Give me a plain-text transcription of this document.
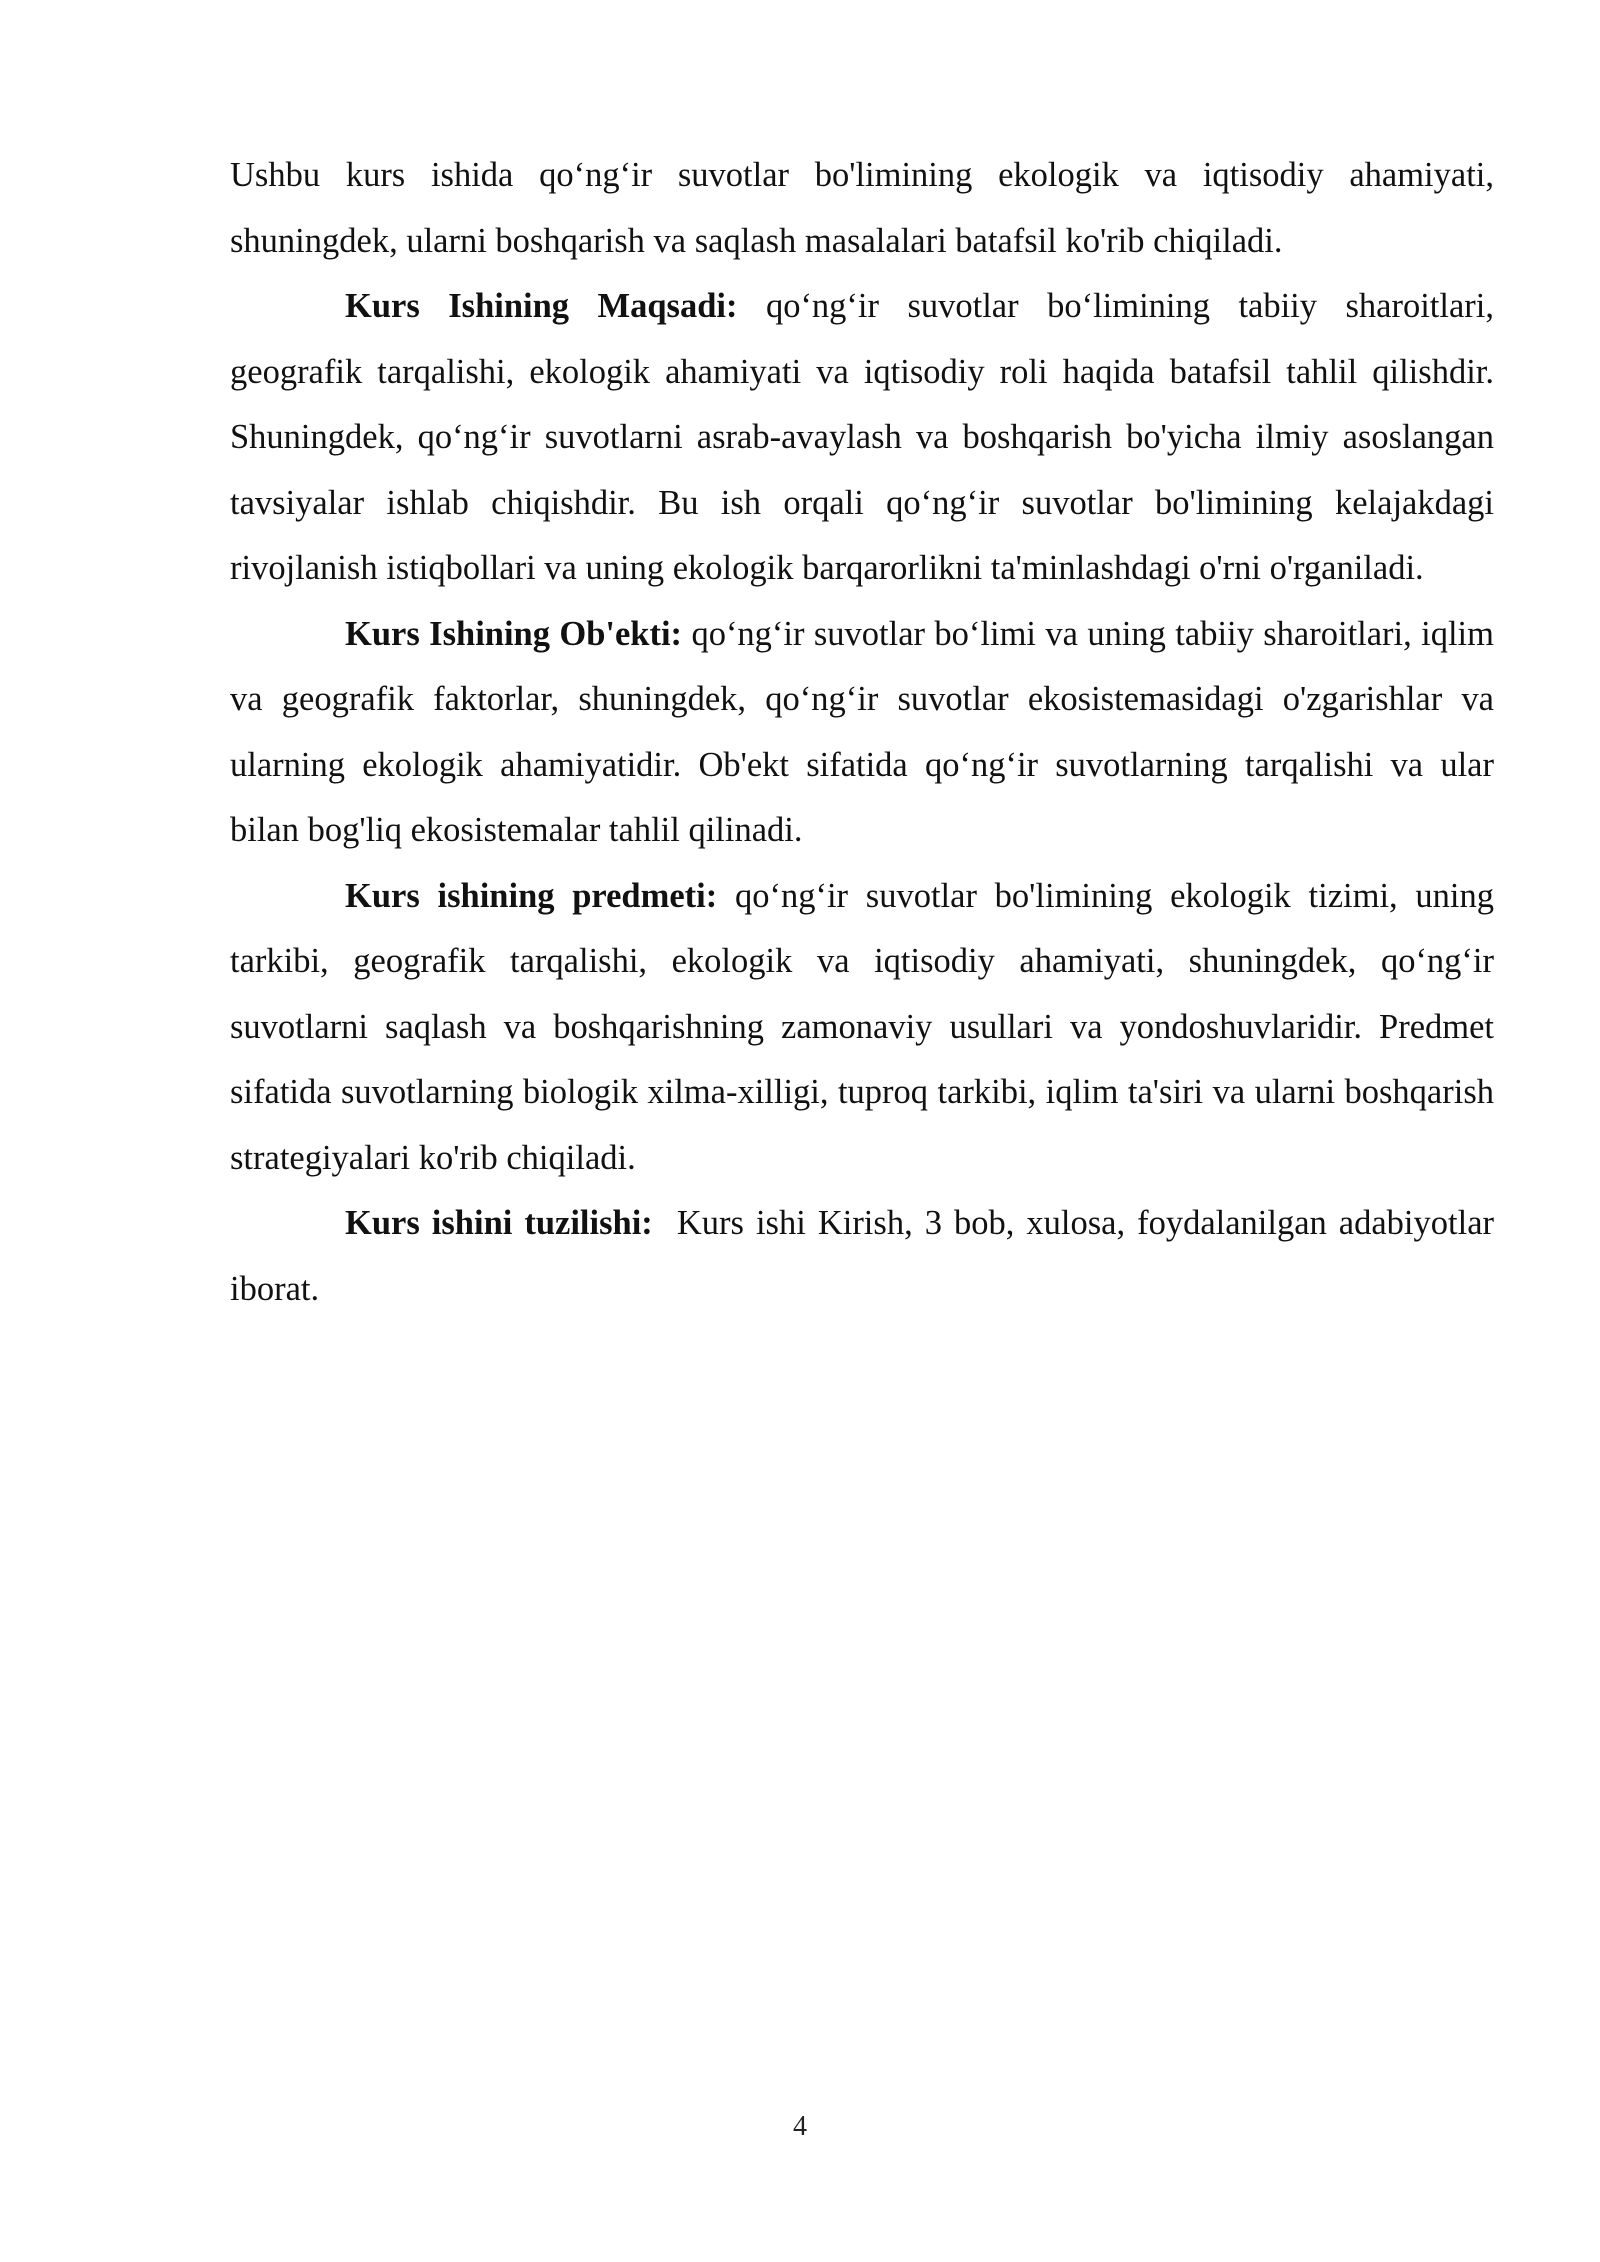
Ushbu kurs ishida qo‘ng‘ir suvotlar bo'limining ekologik va iqtisodiy ahamiyati, shuningdek, ularni boshqarish va saqlash masalalari batafsil ko'rib chiqiladi.

Kurs Ishining Maqsadi: qo‘ng‘ir suvotlar bo‘limining tabiiy sharoitlari, geografik tarqalishi, ekologik ahamiyati va iqtisodiy roli haqida batafsil tahlil qilishdir. Shuningdek, qo‘ng‘ir suvotlarni asrab-avaylash va boshqarish bo'yicha ilmiy asoslangan tavsiyalar ishlab chiqishdir. Bu ish orqali qo‘ng‘ir suvotlar bo'limining kelajakdagi rivojlanish istiqbollari va uning ekologik barqarorlikni ta'minlashdagi o'rni o'rganiladi.

Kurs Ishining Ob'ekti: qo‘ng‘ir suvotlar bo‘limi va uning tabiiy sharoitlari, iqlim va geografik faktorlar, shuningdek, qo‘ng‘ir suvotlar ekosistemasidagi o'zgarishlar va ularning ekologik ahamiyatidir. Ob'ekt sifatida qo‘ng‘ir suvotlarning tarqalishi va ular bilan bog'liq ekosistemalar tahlil qilinadi.

Kurs ishining predmeti: qo‘ng‘ir suvotlar bo'limining ekologik tizimi, uning tarkibi, geografik tarqalishi, ekologik va iqtisodiy ahamiyati, shuningdek, qo‘ng‘ir suvotlarni saqlash va boshqarishning zamonaviy usullari va yondoshuvlaridir. Predmet sifatida suvotlarning biologik xilma-xilligi, tuproq tarkibi, iqlim ta'siri va ularni boshqarish strategiyalari ko'rib chiqiladi.

Kurs ishini tuzilishi:  Kurs ishi Kirish, 3 bob, xulosa, foydalanilgan adabiyotlar iborat.

4
